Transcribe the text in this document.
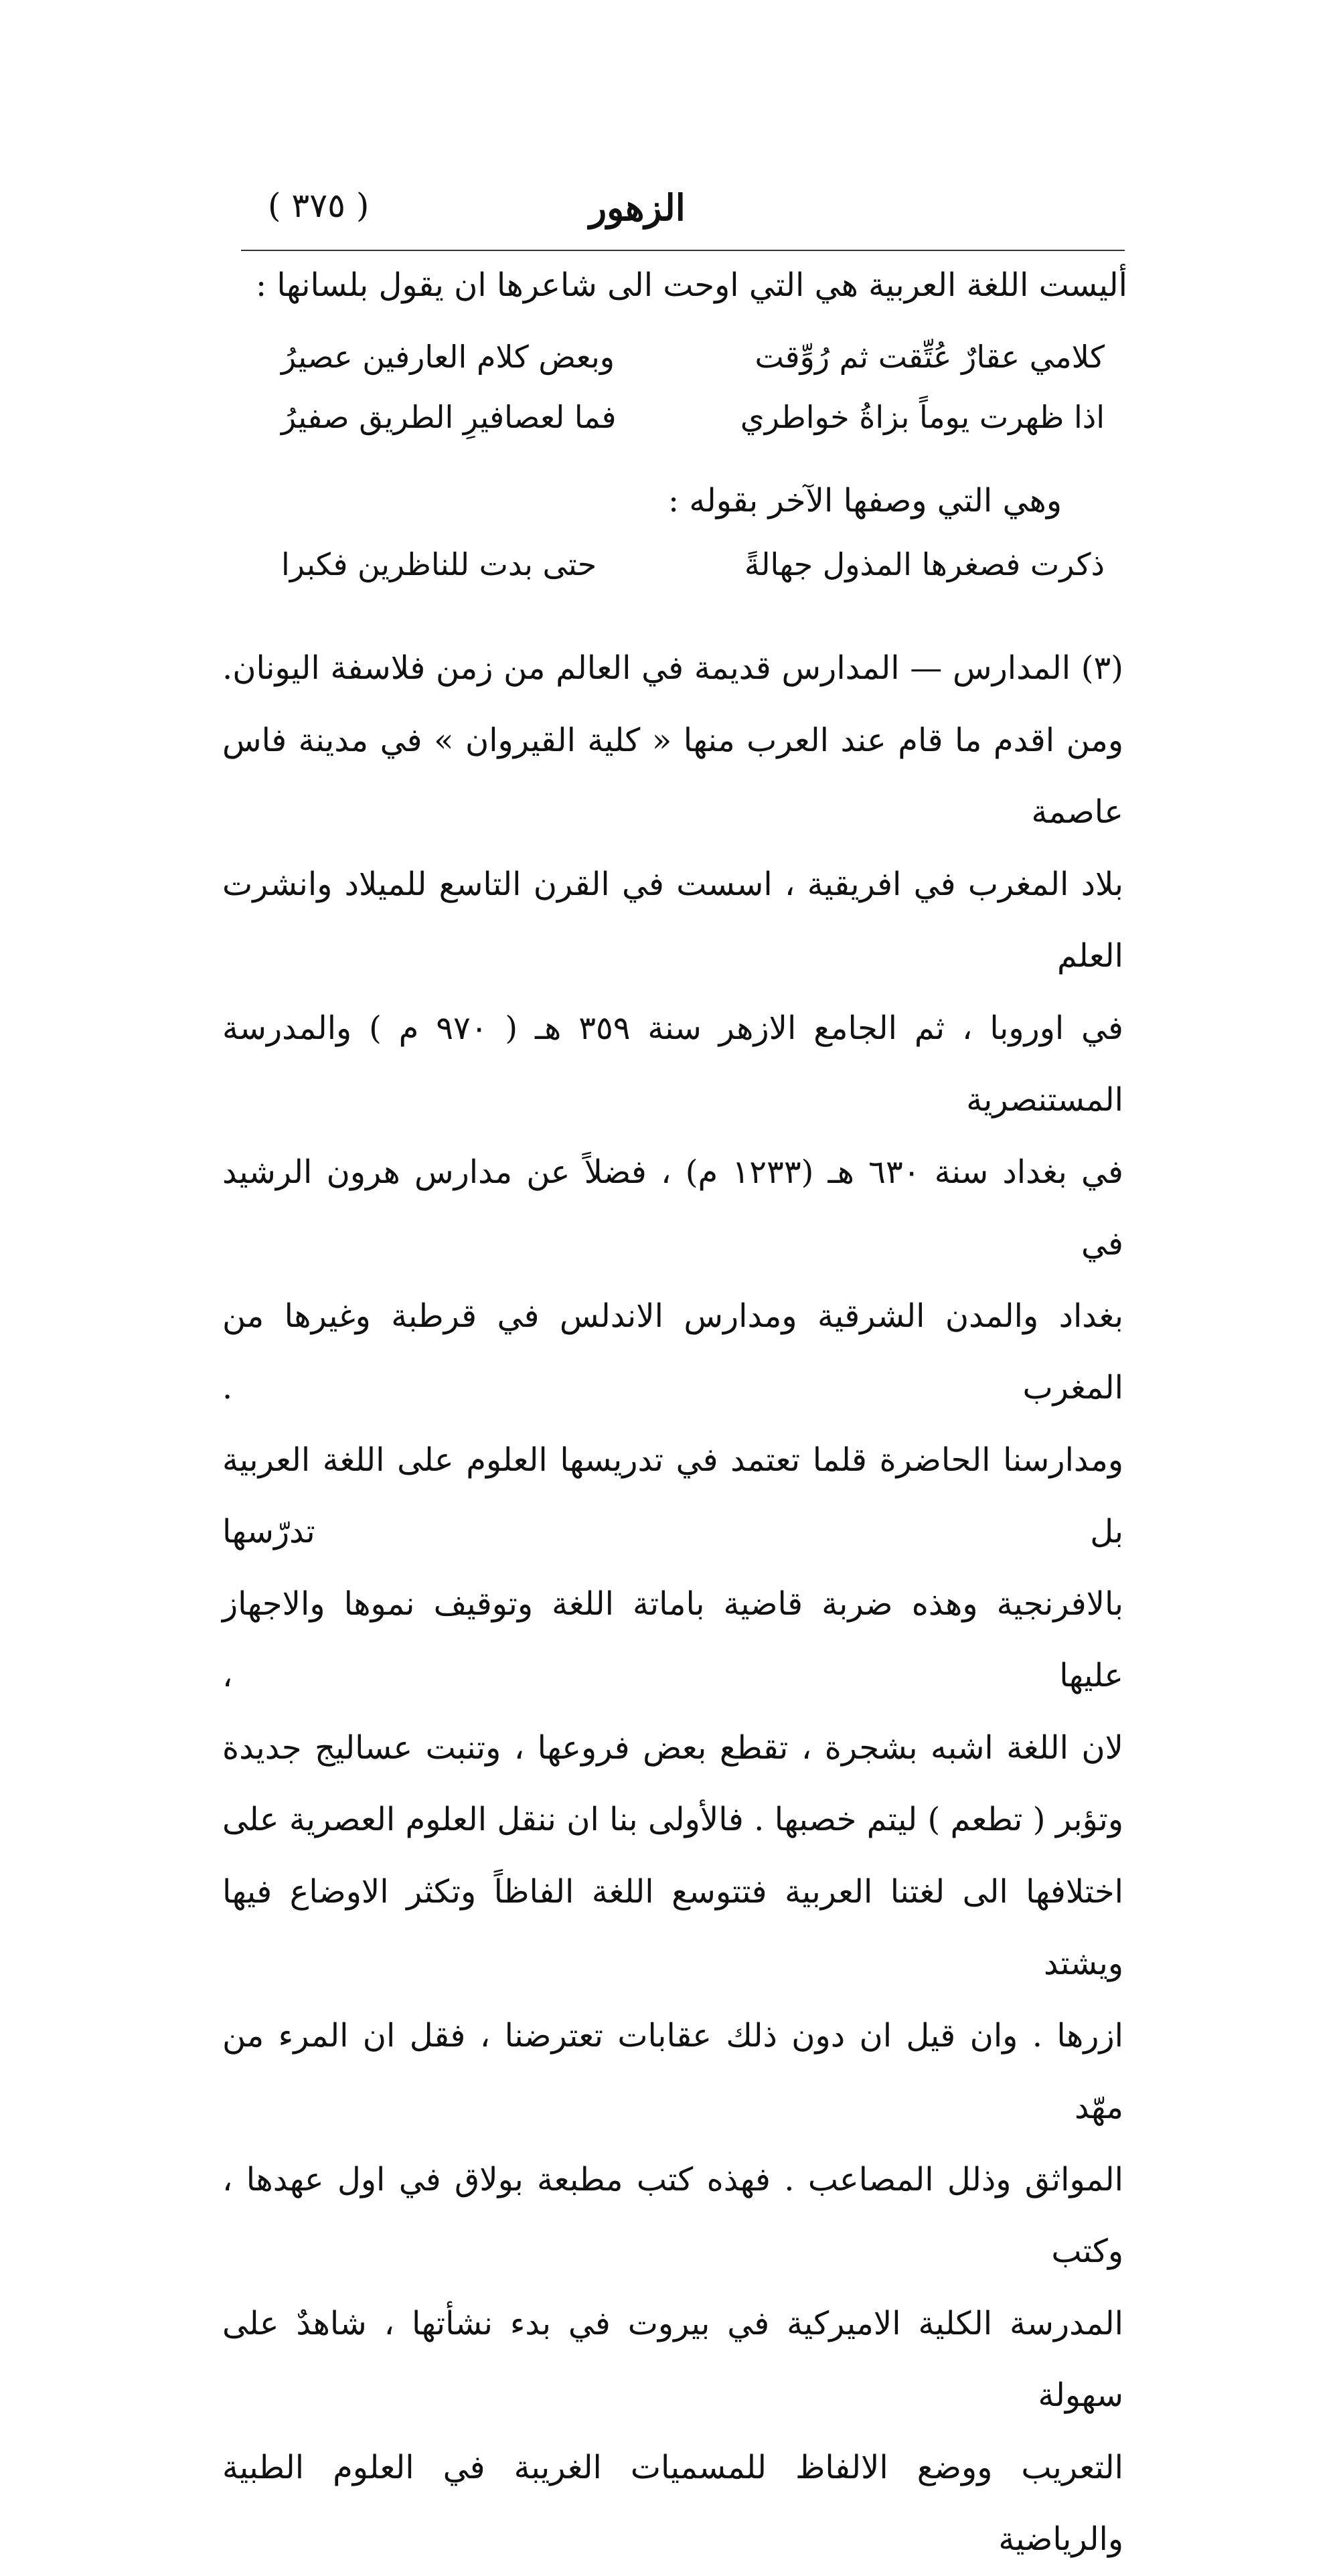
( ٣٧٥ )	الزهور
أليست اللغة العربية هي التي اوحت الى شاعرها ان يقول بلسانها :
كلامي عقارٌ عُتِّقت ثم رُوِّقت
وبعض كلام العارفين عصيرُ
اذا ظهرت يوماً بزاةُ خواطري
فما لعصافيرِ الطريق صفيرُ
وهي التي وصفها الآخر بقوله :
ذكرت فصغرها المذول جهالةً
حتى بدت للناظرين فكبرا

(٣) المدارس — المدارس قديمة في العالم من زمن فلاسفة اليونان.

ومن اقدم ما قام عند العرب منها « كلية القيروان » في مدينة فاس عاصمة

بلاد المغرب في افريقية ، اسست في القرن التاسع للميلاد وانشرت العلم

في اوروبا ، ثم الجامع الازهر سنة ٣٥٩ هـ ( ٩٧٠ م ) والمدرسة المستنصرية

في بغداد سنة ٦٣٠ هـ (١٢٣٣ م) ، فضلاً عن مدارس هرون الرشيد في

بغداد والمدن الشرقية ومدارس الاندلس في قرطبة وغيرها من المغرب .

ومدارسنا الحاضرة قلما تعتمد في تدريسها العلوم على اللغة العربية بل تدرّسها

بالافرنجية وهذه ضربة قاضية باماتة اللغة وتوقيف نموها والاجهاز عليها ،

لان اللغة اشبه بشجرة ، تقطع بعض فروعها ، وتنبت عساليج جديدة

وتؤبر ( تطعم ) ليتم خصبها . فالأولى بنا ان ننقل العلوم العصرية على

اختلافها الى لغتنا العربية فتتوسع اللغة الفاظاً وتكثر الاوضاع فيها ويشتد

ازرها . وان قيل ان دون ذلك عقابات تعترضنا ، فقل ان المرء من مهّد

المواثق وذلل المصاعب . فهذه كتب مطبعة بولاق في اول عهدها ، وكتب

المدرسة الكلية الاميركية في بيروت في بدء نشأتها ، شاهدٌ على سهولة

التعريب ووضع الالفاظ للمسميات الغريبة في العلوم الطبية والرياضية
